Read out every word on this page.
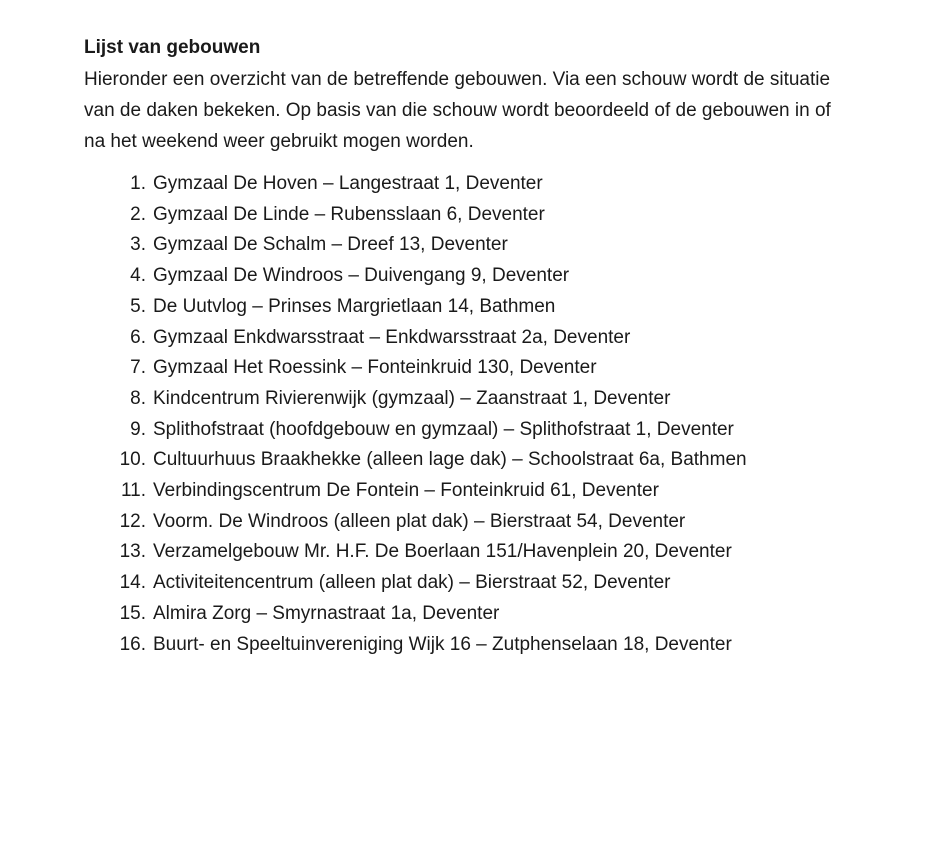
Lijst van gebouwen

Hieronder een overzicht van de betreffende gebouwen. Via een schouw wordt de situatie
van de daken bekeken. Op basis van die schouw wordt beoordeeld of de gebouwen in of
na het weekend weer gebruikt mogen worden.

1. Gymzaal De Hoven – Langestraat 1, Deventer
2. Gymzaal De Linde – Rubensslaan 6, Deventer
3. Gymzaal De Schalm – Dreef 13, Deventer
4. Gymzaal De Windroos – Duivengang 9, Deventer
5. De Uutvlog – Prinses Margrietlaan 14, Bathmen
6. Gymzaal Enkdwarsstraat – Enkdwarsstraat 2a, Deventer
7. Gymzaal Het Roessink – Fonteinkruid 130, Deventer
8. Kindcentrum Rivierenwijk (gymzaal) – Zaanstraat 1, Deventer
9. Splithofstraat (hoofdgebouw en gymzaal) – Splithofstraat 1, Deventer
10. Cultuurhuus Braakhekke (alleen lage dak) – Schoolstraat 6a, Bathmen
11. Verbindingscentrum De Fontein – Fonteinkruid 61, Deventer
12. Voorm. De Windroos (alleen plat dak) – Bierstraat 54, Deventer
13. Verzamelgebouw Mr. H.F. De Boerlaan 151/Havenplein 20, Deventer
14. Activiteitencentrum (alleen plat dak) – Bierstraat 52, Deventer
15. Almira Zorg – Smyrnastraat 1a, Deventer
16. Buurt- en Speeltuinvereniging Wijk 16 – Zutphenselaan 18, Deventer
